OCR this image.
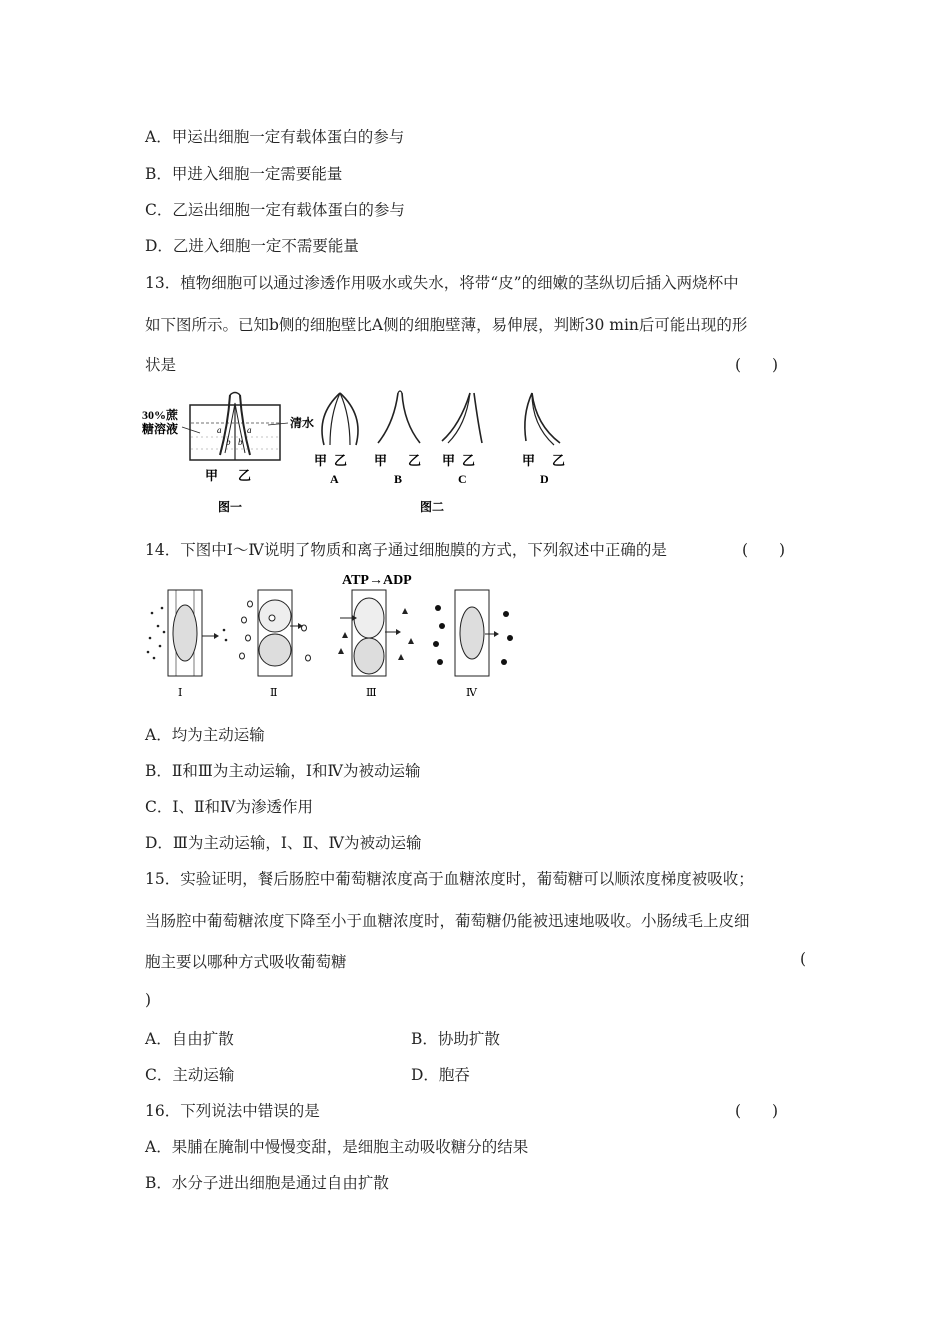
A．甲运出细胞一定有载体蛋白的参与
B．甲进入细胞一定需要能量
C．乙运出细胞一定有载体蛋白的参与
D．乙进入细胞一定不需要能量
13．植物细胞可以通过渗透作用吸水或失水，将带“皮”的细嫩的茎纵切后插入两烧杯中
如下图所示。已知b侧的细胞壁比A侧的细胞壁薄，易伸展，判断30 min后可能出现的形
状是	(　　)
30%蔗
糖溶液	清水
a
b
a
b
甲 乙
图一
甲 乙
A
甲 乙
B
甲 乙
C
甲 乙
D
图二
14．下图中Ⅰ～Ⅳ说明了物质和离子通过细胞膜的方式，下列叙述中正确的是	(　　)
ATP→ADP
Ⅰ	Ⅱ	Ⅲ	Ⅳ
A．均为主动运输
B．Ⅱ和Ⅲ为主动运输，Ⅰ和Ⅳ为被动运输
C．Ⅰ、Ⅱ和Ⅳ为渗透作用
D．Ⅲ为主动运输，Ⅰ、Ⅱ、Ⅳ为被动运输
15．实验证明，餐后肠腔中葡萄糖浓度高于血糖浓度时，葡萄糖可以顺浓度梯度被吸收；
当肠腔中葡萄糖浓度下降至小于血糖浓度时，葡萄糖仍能被迅速地吸收。小肠绒毛上皮细
胞主要以哪种方式吸收葡萄糖	(
)
A．自由扩散	B．协助扩散
C．主动运输	D．胞吞
16．下列说法中错误的是	(　　)
A．果脯在腌制中慢慢变甜，是细胞主动吸收糖分的结果
B．水分子进出细胞是通过自由扩散
